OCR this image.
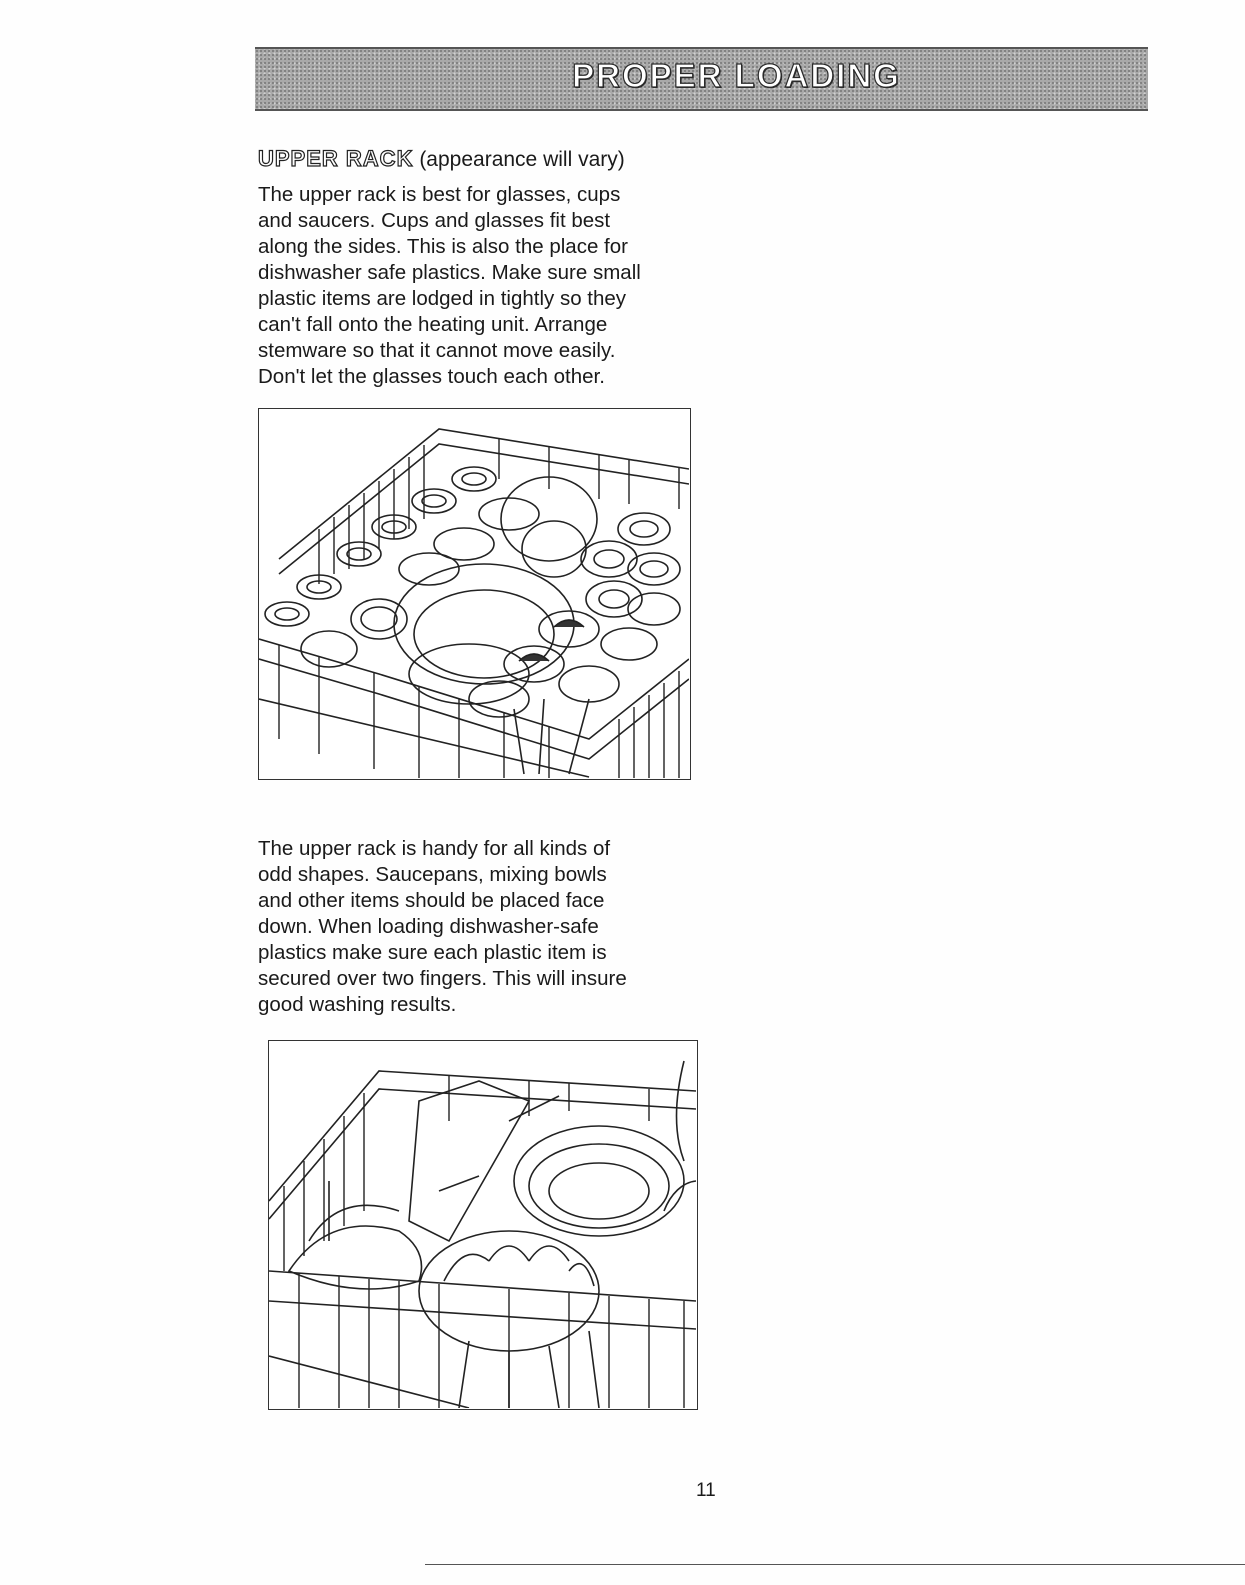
PROPER LOADING
UPPER RACK (appearance will vary)
The upper rack is best for glasses, cups
and saucers. Cups and glasses fit best
along the sides. This is also the place for
dishwasher safe plastics. Make sure small
plastic items are lodged in tightly so they
can't fall onto the heating unit. Arrange
stemware so that it cannot move easily.
Don't let the glasses touch each other.
The upper rack is handy for all kinds of
odd shapes. Saucepans, mixing bowls
and other items should be placed face
down. When loading dishwasher-safe
plastics make sure each plastic item is
secured over two fingers. This will insure
good washing results.
11
